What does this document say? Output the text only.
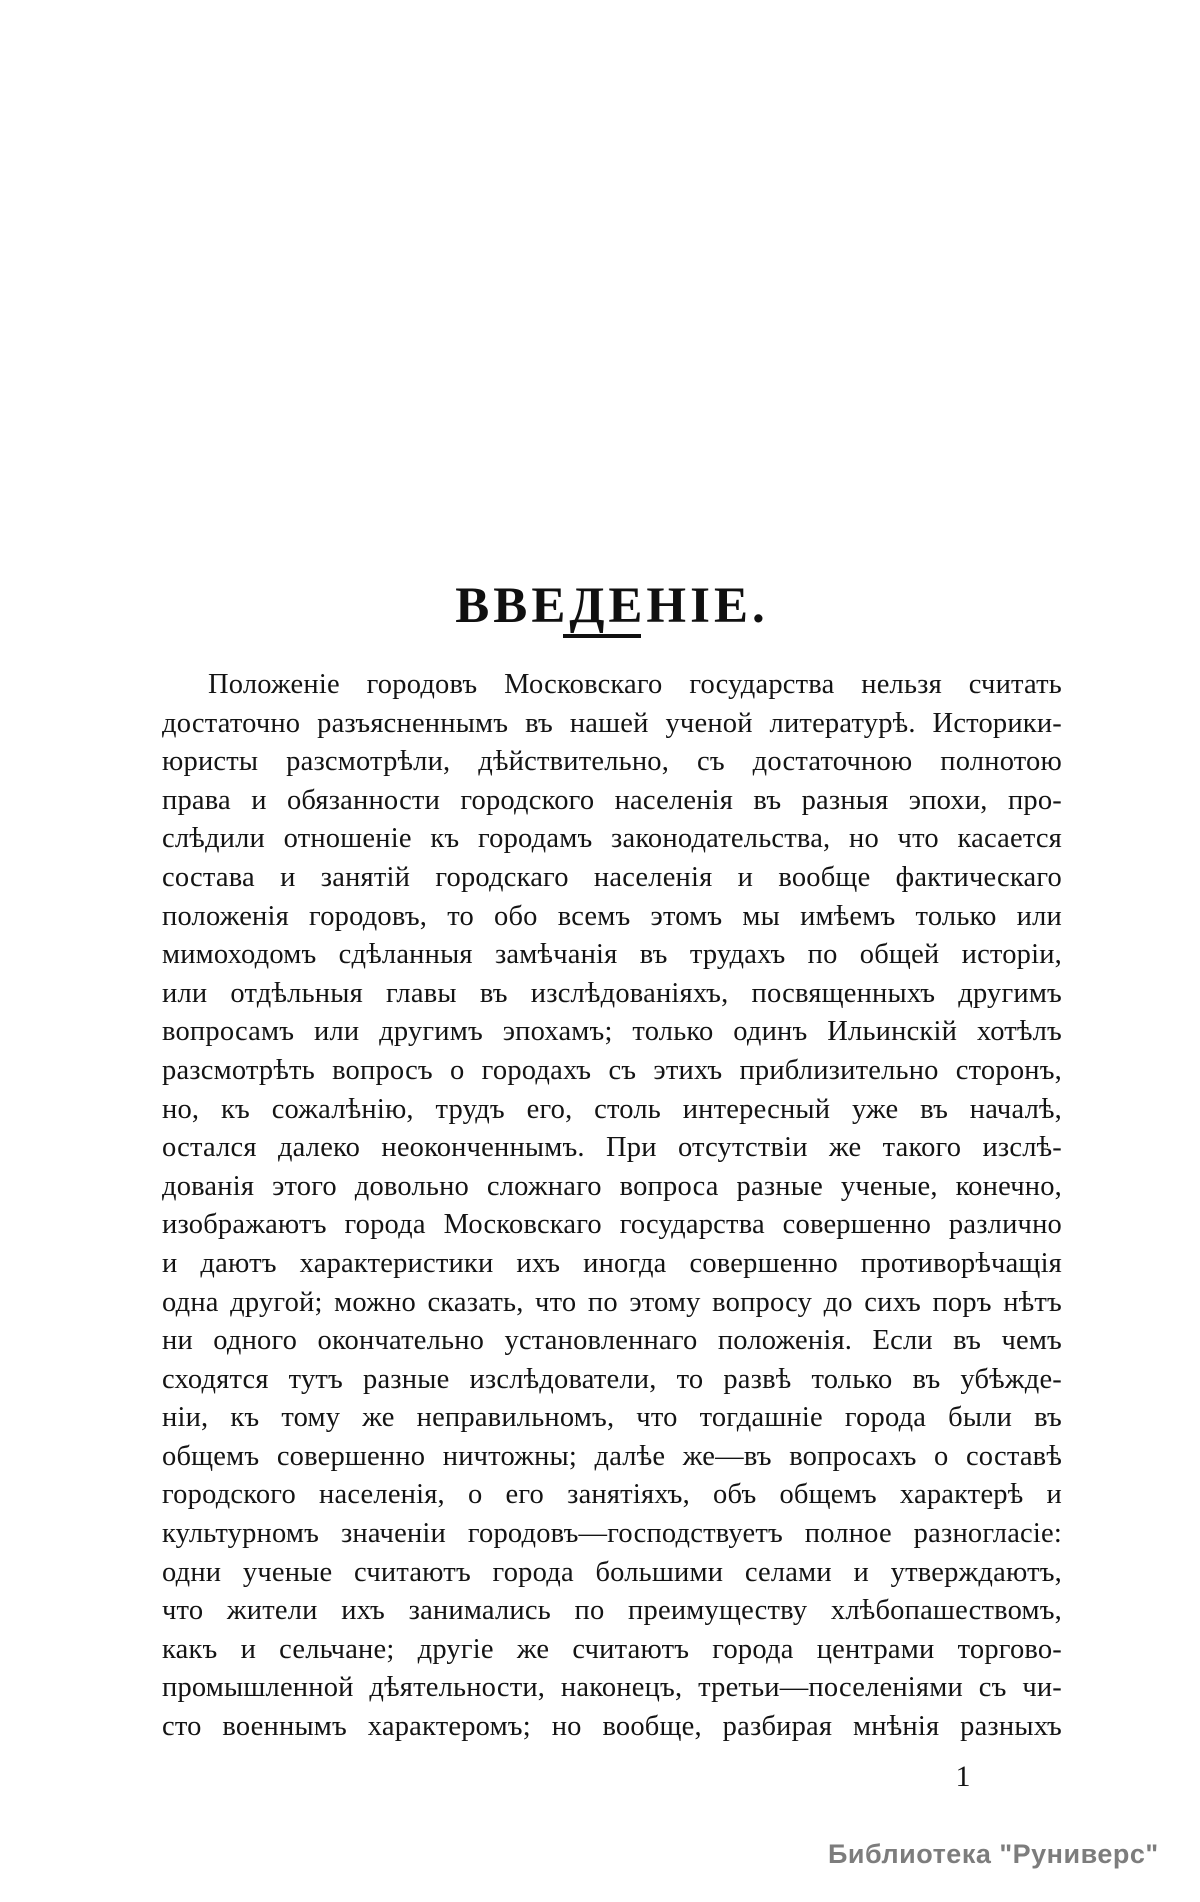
ВВЕДЕНІЕ.
Положеніе городовъ Московскаго государства нельзя считать
достаточно разъясненнымъ въ нашей ученой литературѣ. Историки-
юристы разсмотрѣли, дѣйствительно, съ достаточною полнотою
права и обязанности городского населенія въ разныя эпохи, про-
слѣдили отношеніе къ городамъ законодательства, но что касается
состава и занятій городскаго населенія и вообще фактическаго
положенія городовъ, то обо всемъ этомъ мы имѣемъ только или
мимоходомъ сдѣланныя замѣчанія въ трудахъ по общей исторіи,
или отдѣльныя главы въ изслѣдованіяхъ, посвященныхъ другимъ
вопросамъ или другимъ эпохамъ; только одинъ Ильинскій хотѣлъ
разсмотрѣть вопросъ о городахъ съ этихъ приблизительно сторонъ,
но, къ сожалѣнію, трудъ его, столь интересный уже въ началѣ,
остался далеко неоконченнымъ. При отсутствіи же такого изслѣ-
дованія этого довольно сложнаго вопроса разные ученые, конечно,
изображаютъ города Московскаго государства совершенно различно
и даютъ характеристики ихъ иногда совершенно противорѣчащія
одна другой; можно сказать, что по этому вопросу до сихъ поръ нѣтъ
ни одного окончательно установленнаго положенія. Если въ чемъ
сходятся тутъ разные изслѣдователи, то развѣ только въ убѣжде-
ніи, къ тому же неправильномъ, что тогдашніе города были въ
общемъ совершенно ничтожны; далѣе же—въ вопросахъ о составѣ
городского населенія, о его занятіяхъ, объ общемъ характерѣ и
культурномъ значеніи городовъ—господствуетъ полное разногласіе:
одни ученые считаютъ города большими селами и утверждаютъ,
что жители ихъ занимались по преимуществу хлѣбопашествомъ,
какъ и сельчане; другіе же считаютъ города центрами торгово-
промышленной дѣятельности, наконецъ, третьи—поселеніями съ чи-
сто военнымъ характеромъ; но вообще, разбирая мнѣнія разныхъ
1
Библиотека "Руниверс"
